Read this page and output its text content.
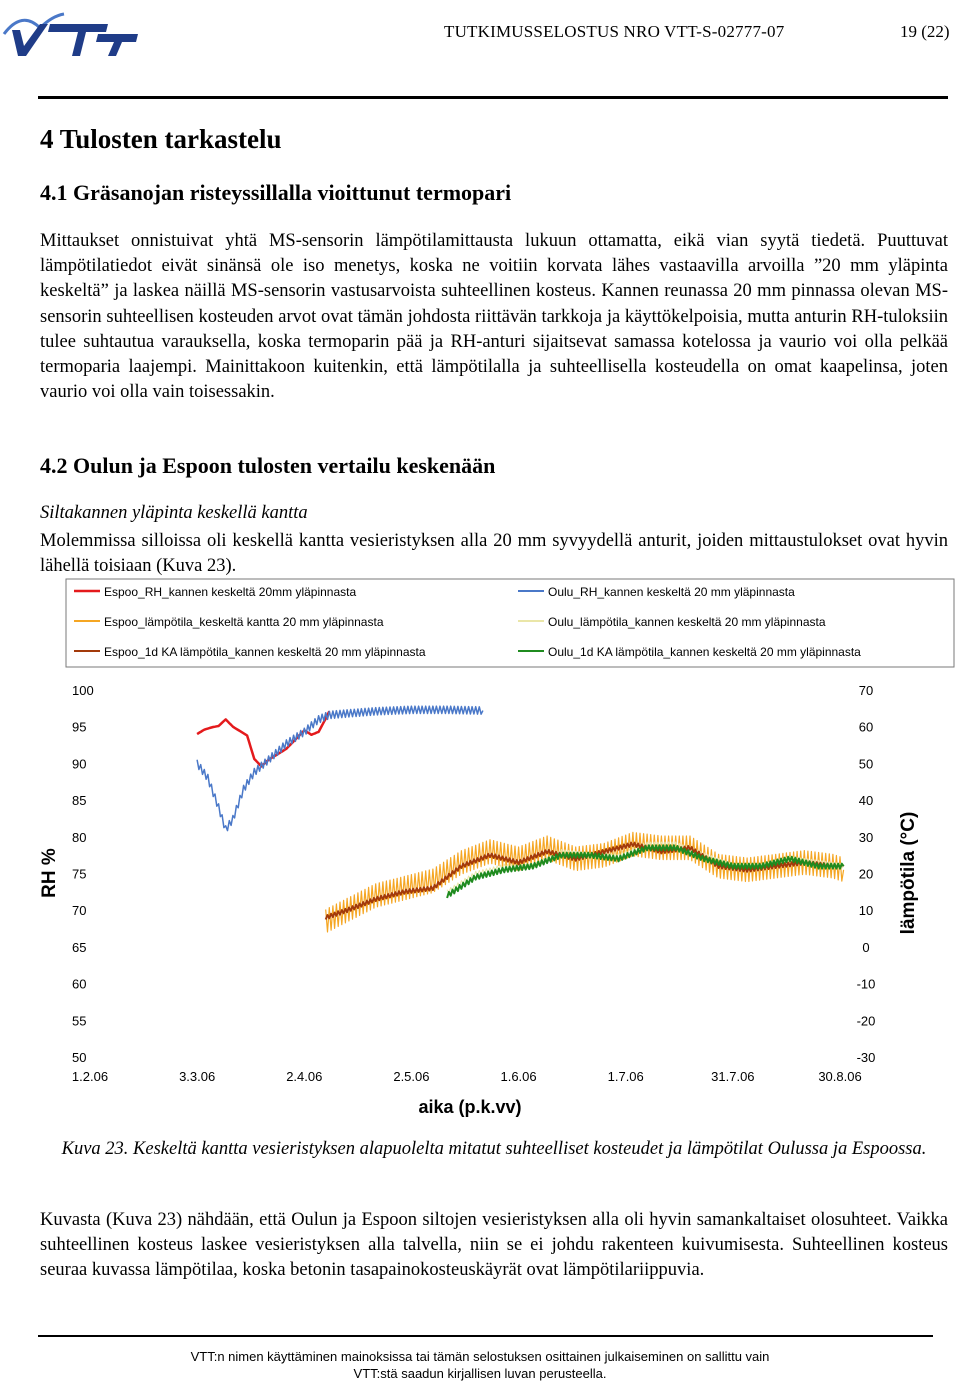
TUTKIMUSSELOSTUS NRO VTT-S-02777-07	19 (22)
4 Tulosten tarkastelu
4.1 Gräsanojan risteyssillalla vioittunut termopari

Mittaukset onnistuivat yhtä MS-sensorin lämpötilamittausta lukuun ottamatta, eikä vian syytä tiedetä. Puuttuvat lämpötilatiedot eivät sinänsä ole iso menetys, koska ne voitiin korvata lähes vastaavilla arvoilla ”20 mm yläpinta keskeltä” ja laskea näillä MS-sensorin vastusarvoista suhteellinen kosteus. Kannen reunassa 20 mm pinnassa olevan MS-sensorin suhteellisen kosteuden arvot ovat tämän johdosta riittävän tarkkoja ja käyttökelpoisia, mutta anturin RH-tuloksiin tulee suhtautua varauksella, koska termoparin pää ja RH-anturi sijaitsevat samassa kotelossa ja vaurio voi olla pelkää termoparia laajempi. Mainittakoon kuitenkin, että lämpötilalla ja suhteellisella kosteudella on omat kaapelinsa, joten vaurio voi olla vain toisessakin.

4.2 Oulun ja Espoon tulosten vertailu keskenään

Siltakannen yläpinta keskellä kantta

Molemmissa silloissa oli keskellä kantta vesieristyksen alla 20 mm syvyydellä anturit, joiden mittaustulokset ovat hyvin lähellä toisiaan (Kuva 23).

Espoo_RH_kannen keskeltä 20mm yläpinnasta	Oulu_RH_kannen keskeltä 20 mm yläpinnasta
Espoo_lämpötila_keskeltä kantta 20 mm yläpinnasta	Oulu_lämpötila_kannen keskeltä 20 mm yläpinnasta
Espoo_1d KA lämpötila_kannen keskeltä 20 mm yläpinnasta	Oulu_1d KA lämpötila_kannen keskeltä 20 mm yläpinnasta
100
95
90
85
80
75
70
65
60
55
50
70
60
50
40
30
20
10
0
-10
-20
-30
1.2.06	3.3.06	2.4.06	2.5.06	1.6.06	1.7.06	31.7.06	30.8.06
RH %	lämpötila (°C)
aika (p.k.vv)

Kuva 23. Keskeltä kantta vesieristyksen alapuolelta mitatut suhteelliset kosteudet ja lämpötilat Oulussa ja Espoossa.

Kuvasta (Kuva 23) nähdään, että Oulun ja Espoon siltojen vesieristyksen alla oli hyvin samankaltaiset olosuhteet. Vaikka suhteellinen kosteus laskee vesieristyksen alla talvella, niin se ei johdu rakenteen kuivumisesta. Suhteellinen kosteus seuraa kuvassa lämpötilaa, koska betonin tasapainokosteuskäyrät ovat lämpötilariippuvia.

VTT:n nimen käyttäminen mainoksissa tai tämän selostuksen osittainen julkaiseminen on sallittu vain
VTT:stä saadun kirjallisen luvan perusteella.
